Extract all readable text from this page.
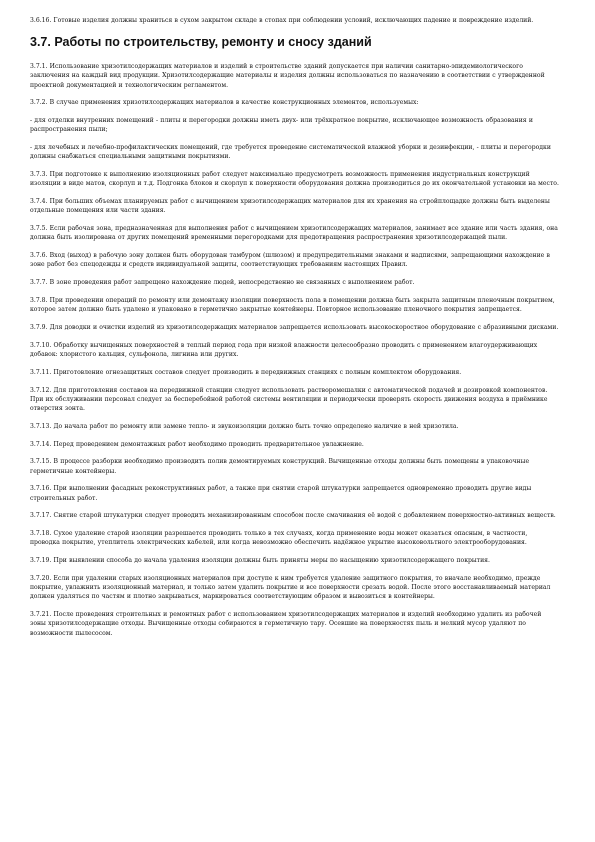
3.6.16. Готовые изделия должны храниться в сухом закрытом складе в стопах при соблюдении условий, исключающих падение и повреждение изделий.

3.7. Работы по строительству, ремонту и сносу зданий

3.7.1. Использование хризотилсодержащих материалов и изделий в строительстве зданий допускается при наличии санитарно-эпидемиологического заключения на каждый вид продукции. Хризотилсодержащие материалы и изделия должны использоваться по назначению в соответствии с утвержденной проектной документацией и технологическим регламентом.

3.7.2. В случае применения хризотилсодержащих материалов в качестве конструкционных элементов, используемых:

- для отделки внутренних помещений - плиты и перегородки должны иметь двух- или трёхкратное покрытие, исключающее возможность образования и распространения пыли;

- для лечебных и лечебно-профилактических помещений, где требуется проведение систематической влажной уборки и дезинфекции, - плиты и перегородки должны снабжаться специальными защитными покрытиями.

3.7.3. При подготовке к выполнению изоляционных работ следует максимально предусмотреть возможность применения индустриальных конструкций изоляции в виде матов, скорлуп и т.д. Подгонка блоков и скорлуп к поверхности оборудования должна производиться до их окончательной установки на место.

3.7.4. При больших объемах планируемых работ с вычищением хризотилсодержащих материалов для их хранения на стройплощадке должны быть выделены отдельные помещения или части здания.

3.7.5. Если рабочая зона, предназначенная для выполнения работ с вычищением хризотилсодержащих материалов, занимает все здание или часть здания, она должна быть изолирована от других помещений временными перегородками для предотвращения распространения хризотилсодержащей пыли.

3.7.6. Вход (выход) в рабочую зону должен быть оборудован тамбуром (шлюзом) и предупредительными знаками и надписями, запрещающими нахождение в зоне работ без спецодежды и средств индивидуальной защиты, соответствующих требованиям настоящих Правил.

3.7.7. В зоне проведения работ запрещено нахождение людей, непосредственно не связанных с выполнением работ.

3.7.8. При проведении операций по ремонту или демонтажу изоляции поверхность пола в помещении должна быть закрыта защитным пленочным покрытием, которое затем должно быть удалено и упаковано в герметично закрытые контейнеры. Повторное использование пленочного покрытия запрещается.

3.7.9. Для доводки и очистки изделий из хризотилсодержащих материалов запрещается использовать высокоскоростное оборудование с абразивными дисками.

3.7.10. Обработку вычищенных поверхностей в теплый период года при низкой влажности целесообразно проводить с применением влагоудерживающих добавок: хлористого кальция, сульфонола, лигнина или других.

3.7.11. Приготовление огнезащитных составов следует производить в передвижных станциях с полным комплектом оборудования.

3.7.12. Для приготовления составов на передвижной станции следует использовать растворомешалки с автоматической подачей и дозировкой компонентов. При их обслуживании персонал следует за бесперебойной работой системы вентиляции и периодически проверять скорость движения воздуха в приёмнике отверстия зонта.

3.7.13. До начала работ по ремонту или замене тепло- и звукоизоляции должно быть точно определено наличие в ней хризотила.

3.7.14. Перед проведением демонтажных работ необходимо проводить предварительное увлажнение.

3.7.15. В процессе разборки необходимо производить полив демонтируемых конструкций. Вычищенные отходы должны быть помещены в упаковочные герметичные контейнеры.

3.7.16. При выполнении фасадных реконструктивных работ, а также при снятии старой штукатурки запрещается одновременно проводить другие виды строительных работ.

3.7.17. Снятие старой штукатурки следует проводить механизированным способом после смачивания её водой с добавлением поверхностно-активных веществ.

3.7.18. Сухое удаление старой изоляции разрешается проводить только в тех случаях, когда применение воды может оказаться опасным, в частности, проводка покрытие, утеплитель электрических кабелей, или когда невозможно обеспечить надёжное укрытие высоковольтного электрооборудования.

3.7.19. При выявлении способа до начала удаления изоляции должны быть приняты меры по насыщению хризотилсодержащего покрытия.

3.7.20. Если при удалении старых изоляционных материалов при доступе к ним требуется удаление защитного покрытия, то вначале необходимо, прежде покрытие, увлажнить изоляционный материал, и только затем удалить покрытие и все поверхности срезать водой. После этого восстанавливаемый материал должен удаляться по частям и плотно закрываться, маркироваться соответствующим образом и вывозиться в контейнеры.

3.7.21. После проведения строительных и ремонтных работ с использованием хризотилсодержащих материалов и изделий необходимо удалить из рабочей зоны хризотилсодержащие отходы. Вычищенные отходы собираются в герметичную тару. Осевшие на поверхностях пыль и мелкий мусор удаляют по возможности пылесосом.
